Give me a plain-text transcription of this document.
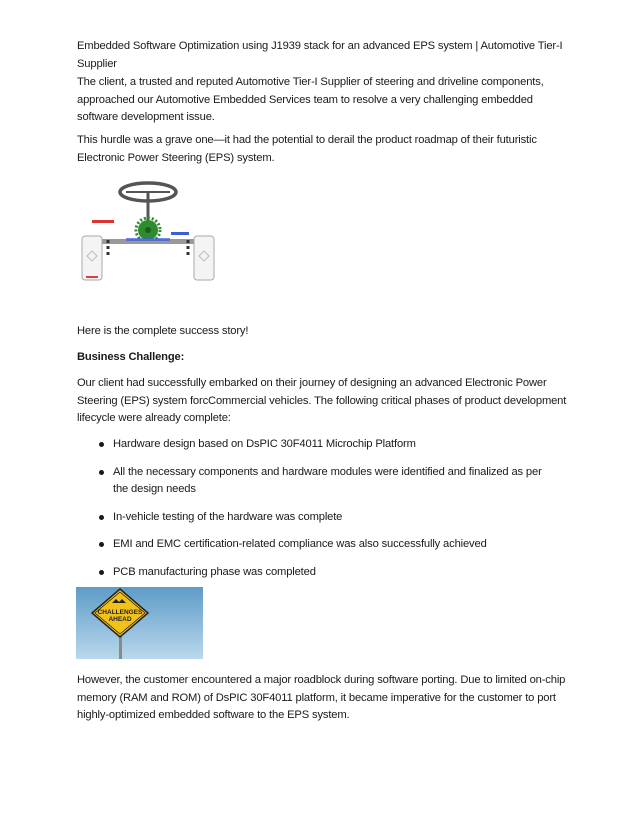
Embedded Software Optimization using J1939 stack for an advanced EPS system | Automotive Tier-I Supplier
The client, a trusted and reputed Automotive Tier-I Supplier of steering and driveline components, approached our Automotive Embedded Services team to resolve a very challenging embedded software development issue.
This hurdle was a grave one—it had the potential to derail the product roadmap of their futuristic Electronic Power Steering (EPS) system.
Here is the complete success story!
Business Challenge:
Our client had successfully embarked on their journey of designing an advanced Electronic Power Steering (EPS) system forcCommercial vehicles. The following critical phases of product development lifecycle were already complete:
Hardware design based on DsPIC 30F4011 Microchip Platform
All the necessary components and hardware modules were identified and finalized as per the design needs
In-vehicle testing of the hardware was complete
EMI and EMC certification-related compliance was also successfully achieved
PCB manufacturing phase was completed
CHALLENGES
AHEAD
However, the customer encountered a major roadblock during software porting. Due to limited on-chip memory (RAM and ROM) of DsPIC 30F4011 platform, it became imperative for the customer to port highly-optimized embedded software to the EPS system.
